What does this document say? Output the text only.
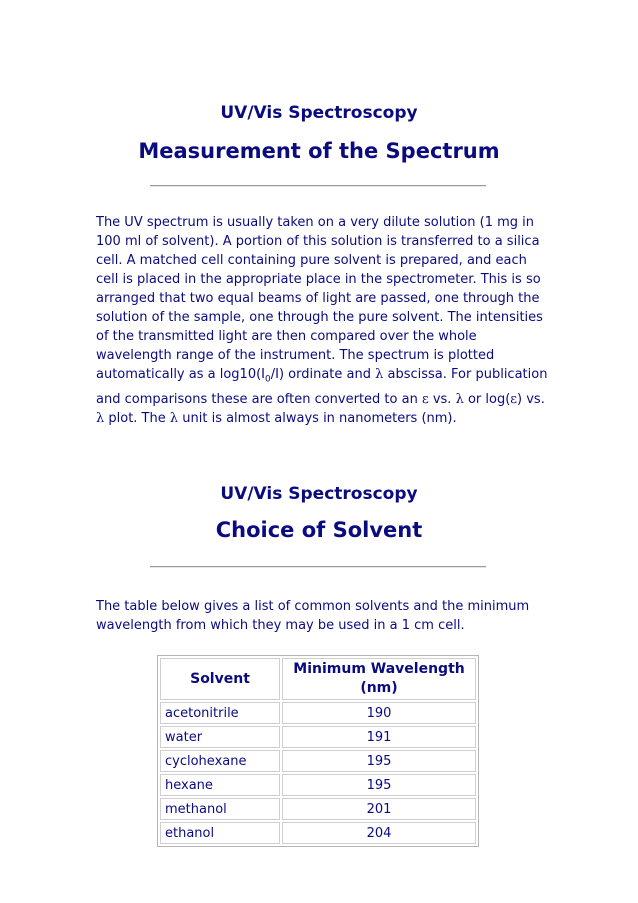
UV/Vis Spectroscopy
Measurement of the Spectrum

The UV spectrum is usually taken on a very dilute solution (1 mg in 100 ml of solvent). A portion of this solution is transferred to a silica cell. A matched cell containing pure solvent is prepared, and each cell is placed in the appropriate place in the spectrometer. This is so arranged that two equal beams of light are passed, one through the solution of the sample, one through the pure solvent. The intensities of the transmitted light are then compared over the whole wavelength range of the instrument. The spectrum is plotted automatically as a $\log 10(I_0/I)$ ordinate and λ abscissa. For publication and comparisons these are often converted to an ε vs. λ or log(ε) vs. λ plot. The λ unit is almost always in nanometers (nm).

UV/Vis Spectroscopy
Choice of Solvent

The table below gives a list of common solvents and the minimum wavelength from which they may be used in a 1 cm cell.

Solvent	Minimum Wavelength (nm)
acetonitrile	190
water	191
cyclohexane	195
hexane	195
methanol	201
ethanol	204
